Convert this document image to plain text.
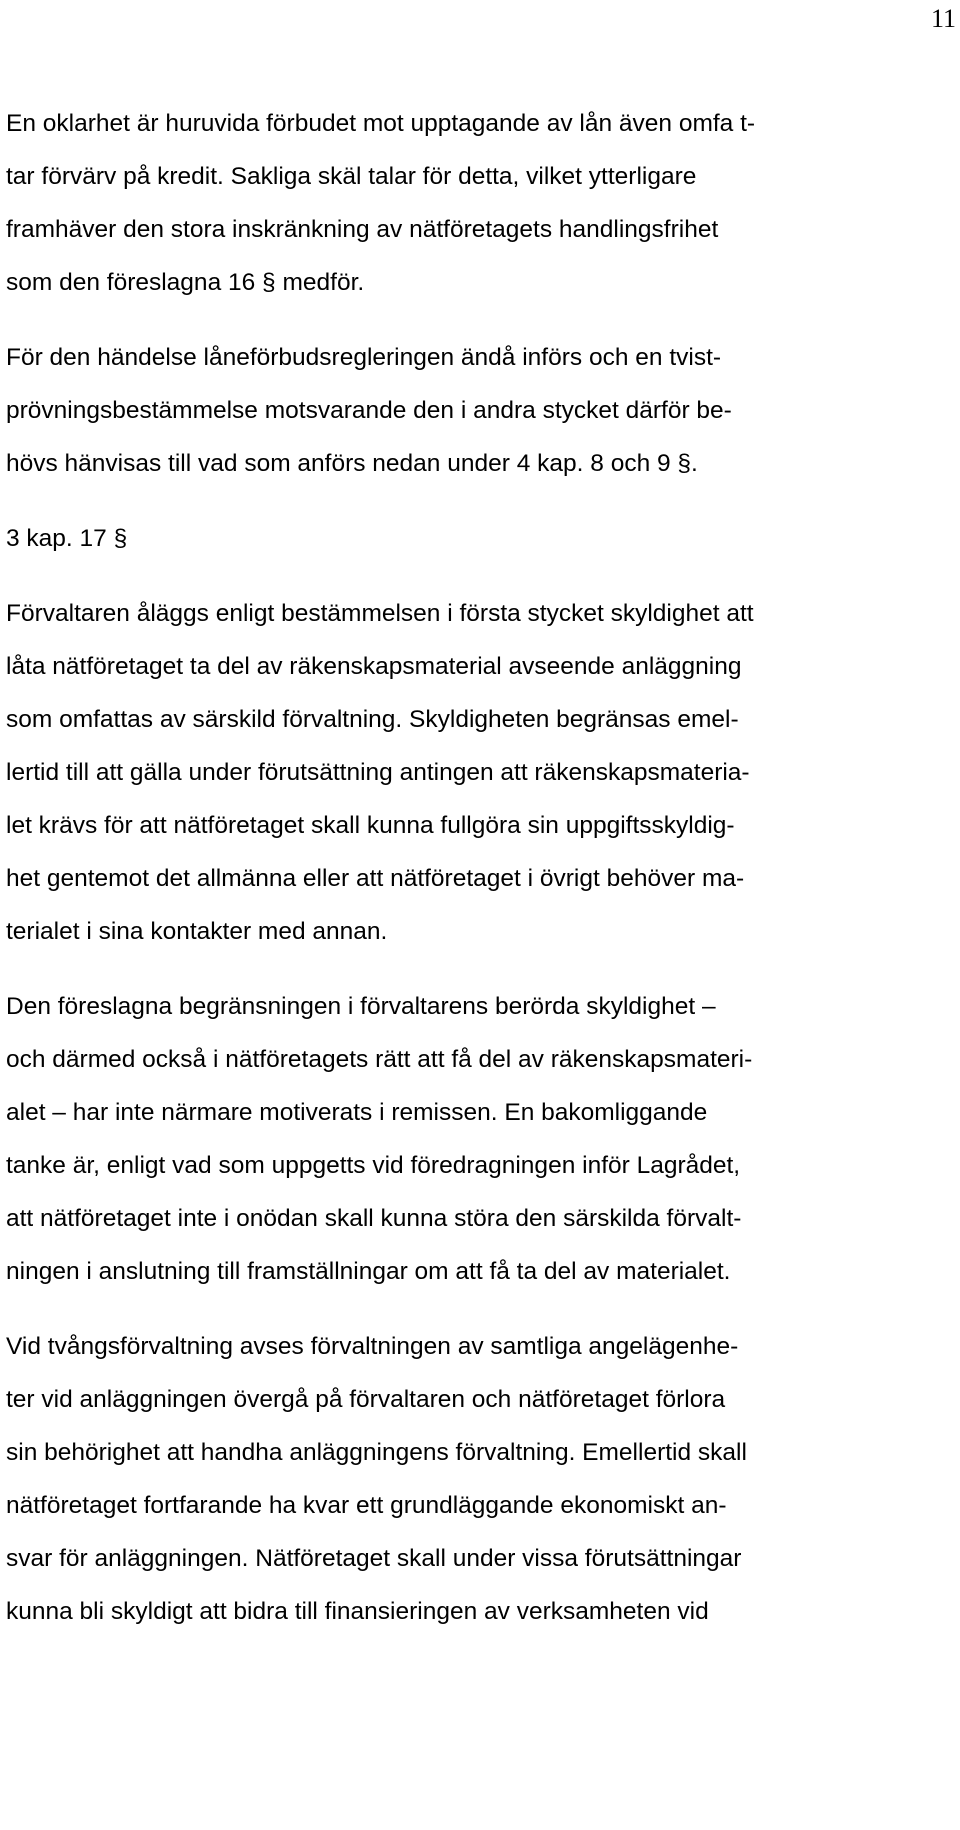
11
En oklarhet är huruvida förbudet mot upptagande av lån även omfa t-
tar förvärv på kredit. Sakliga skäl talar för detta, vilket ytterligare
framhäver den stora inskränkning av nätföretagets handlingsfrihet
som den föreslagna 16 § medför.
För den händelse låneförbudsregleringen ändå införs och en tvist-
prövningsbestämmelse motsvarande den i andra stycket därför be-
hövs hänvisas till vad som anförs nedan under 4 kap. 8 och 9 §.
3 kap. 17 §
Förvaltaren åläggs enligt bestämmelsen i första stycket skyldighet att
låta nätföretaget ta del av räkenskapsmaterial avseende anläggning
som omfattas av särskild förvaltning. Skyldigheten begränsas emel-
lertid till att gälla under förutsättning antingen att räkenskapsmateria-
let krävs för att nätföretaget skall kunna fullgöra sin uppgiftsskyldig-
het gentemot det allmänna eller att nätföretaget i övrigt behöver ma-
terialet i sina kontakter med annan.
Den föreslagna begränsningen i förvaltarens berörda skyldighet –
och därmed också i nätföretagets rätt att få del av räkenskapsmateri-
alet – har inte närmare motiverats i remissen. En bakomliggande
tanke är, enligt vad som uppgetts vid föredragningen inför Lagrådet,
att nätföretaget inte i onödan skall kunna störa den särskilda förvalt-
ningen i anslutning till framställningar om att få ta del av materialet.
Vid tvångsförvaltning avses förvaltningen av samtliga angelägenhe-
ter vid anläggningen övergå på förvaltaren och nätföretaget förlora
sin behörighet att handha anläggningens förvaltning. Emellertid skall
nätföretaget fortfarande ha kvar ett grundläggande ekonomiskt an-
svar för anläggningen. Nätföretaget skall under vissa förutsättningar
kunna bli skyldigt att bidra till finansieringen av verksamheten vid
